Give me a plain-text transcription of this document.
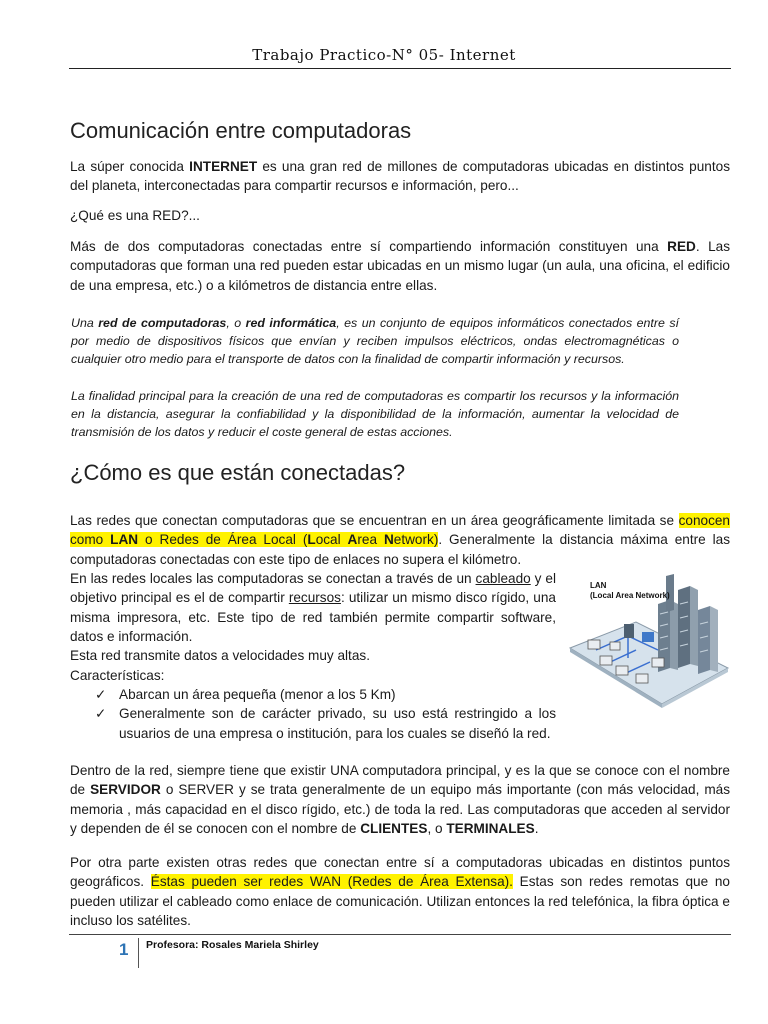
Trabajo Practico-N° 05- Internet
Comunicación entre computadoras
La súper conocida INTERNET es una gran red de millones de computadoras ubicadas en distintos puntos del planeta, interconectadas para compartir recursos e información, pero...
¿Qué es una RED?...
Más de dos computadoras conectadas entre sí compartiendo información constituyen una RED. Las computadoras que forman una red pueden estar ubicadas en un mismo lugar (un aula, una oficina, el edificio de una empresa, etc.) o a kilómetros de distancia entre ellas.
Una red de computadoras, o red informática, es un conjunto de equipos informáticos conectados entre sí por medio de dispositivos físicos que envían y reciben impulsos eléctricos, ondas electromagnéticas o cualquier otro medio para el transporte de datos con la finalidad de compartir información y recursos.
La finalidad principal para la creación de una red de computadoras es compartir los recursos y la información en la distancia, asegurar la confiabilidad y la disponibilidad de la información, aumentar la velocidad de transmisión de los datos y reducir el coste general de estas acciones.
¿Cómo es que están conectadas?
Las redes que conectan computadoras que se encuentran en un área geográficamente limitada se conocen como LAN o Redes de Área Local (Local Area Network). Generalmente la distancia máxima entre las computadoras conectadas con este tipo de enlaces no supera el kilómetro.
En las redes locales las computadoras se conectan a través de un cableado y el objetivo principal es el de compartir recursos: utilizar un mismo disco rígido, una misma impresora, etc. Este tipo de red también permite compartir software, datos e información.
Esta red transmite datos a velocidades muy altas.
Características:
✓ Abarcan un área pequeña (menor a los 5 Km)
✓ Generalmente son de carácter privado, su uso está restringido a los usuarios de una empresa o institución, para los cuales se diseñó la red.
LAN
(Local Area Network)
Dentro de la red, siempre tiene que existir UNA computadora principal, y es la que se conoce con el nombre de SERVIDOR o SERVER y se trata generalmente de un equipo más importante (con más velocidad, más memoria , más capacidad en el disco rígido, etc.) de toda la red. Las computadoras que acceden al servidor y dependen de él se conocen con el nombre de CLIENTES, o TERMINALES.
Por otra parte existen otras redes que conectan entre sí a computadoras ubicadas en distintos puntos geográficos. Éstas pueden ser redes WAN (Redes de Área Extensa). Estas son redes remotas que no pueden utilizar el cableado como enlace de comunicación. Utilizan entonces la red telefónica, la fibra óptica e incluso los satélites.
1 Profesora: Rosales Mariela Shirley
